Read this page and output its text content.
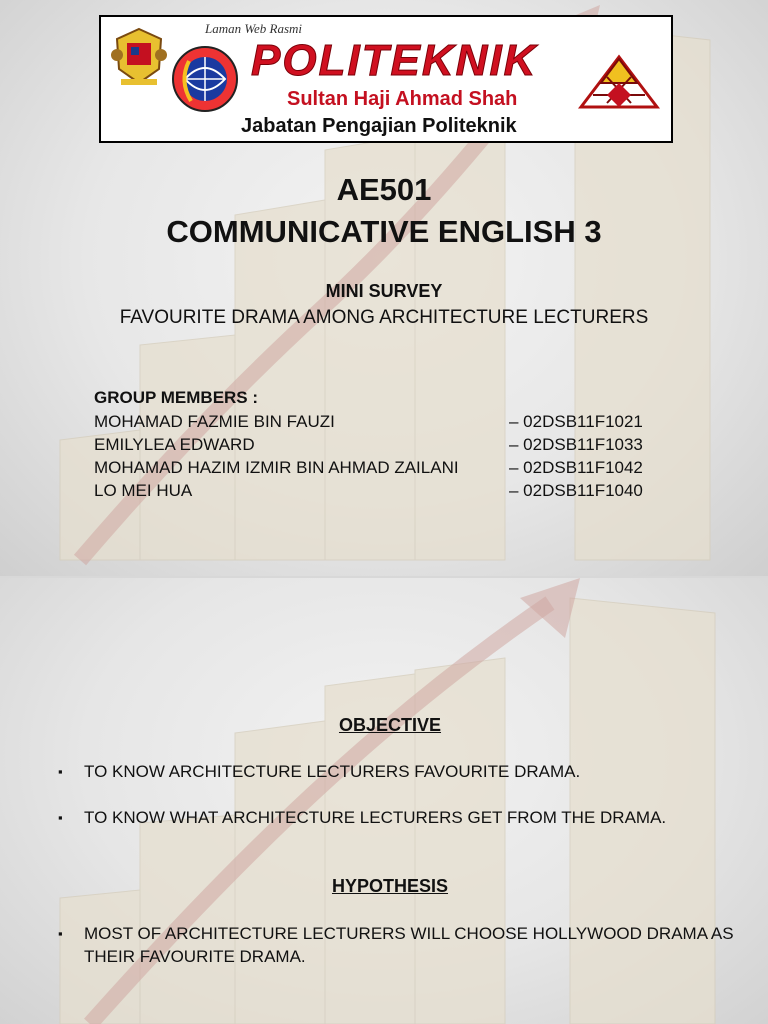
Laman Web Rasmi
POLITEKNIK
Sultan Haji Ahmad Shah
Jabatan Pengajian Politeknik
AE501
COMMUNICATIVE ENGLISH 3
MINI SURVEY
FAVOURITE DRAMA AMONG ARCHITECTURE LECTURERS
GROUP MEMBERS :
MOHAMAD FAZMIE BIN FAUZI	– 02DSB11F1021
EMILYLEA EDWARD	– 02DSB11F1033
MOHAMAD HAZIM IZMIR BIN AHMAD ZAILANI	– 02DSB11F1042
LO MEI HUA	– 02DSB11F1040
OBJECTIVE
▪ TO KNOW ARCHITECTURE LECTURERS FAVOURITE DRAMA.
▪ TO KNOW WHAT ARCHITECTURE LECTURERS GET FROM THE DRAMA.
HYPOTHESIS
▪ MOST OF ARCHITECTURE LECTURERS WILL CHOOSE HOLLYWOOD DRAMA AS THEIR FAVOURITE DRAMA.
